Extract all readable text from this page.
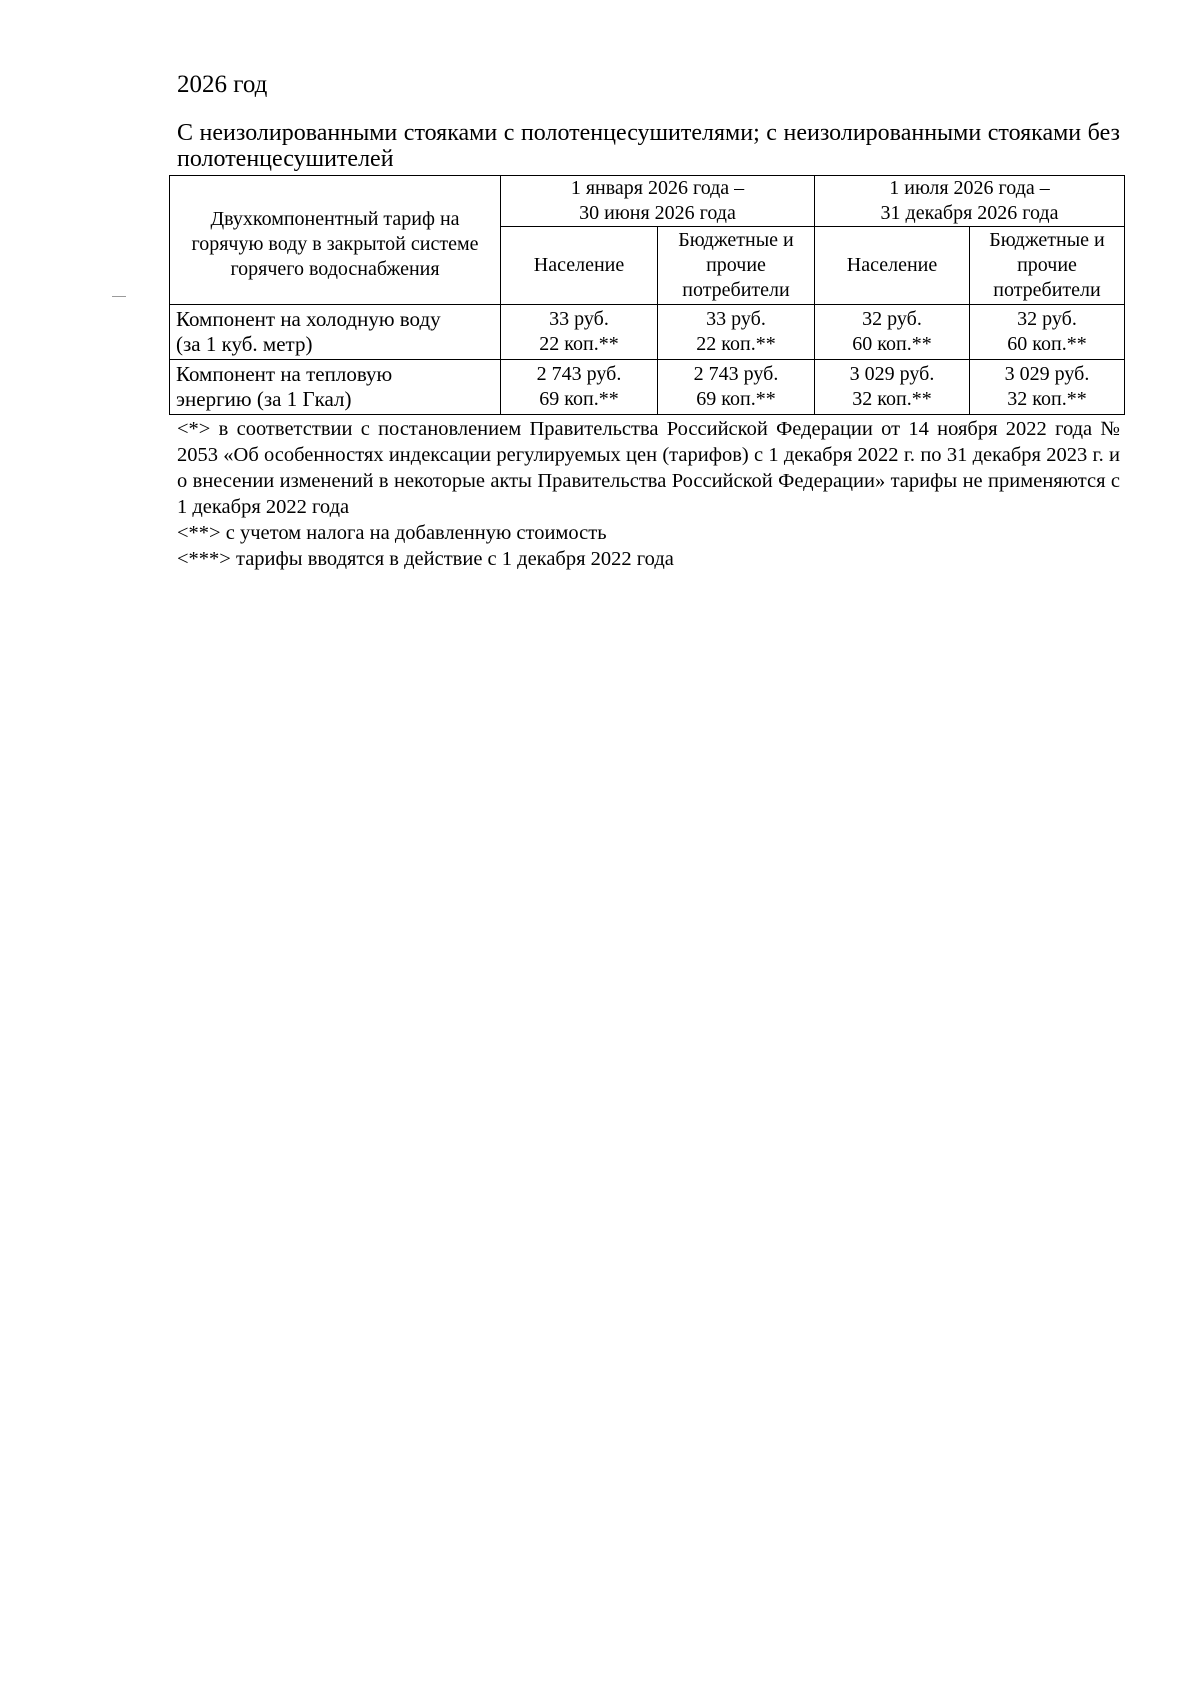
2026 год
С неизолированными стояками с полотенцесушителями; с неизолированными стояками без полотенцесушителей
Двухкомпонентный тариф на горячую воду в закрытой системе горячего водоснабжения	1 января 2026 года –
30 июня 2026 года		1 июля 2026 года –
31 декабря 2026 года	

	Население	Бюджетные и
прочие
потребители	Население	Бюджетные и
прочие
потребители

Компонент на холодную воду
(за 1 куб. метр)	33 руб.
22 коп.**	33 руб.
22 коп.**	32 руб.
60 коп.**	32 руб.
60 коп.**

Компонент на тепловую
энергию (за 1 Гкал)	2 743 руб.
69 коп.**	2 743 руб.
69 коп.**	3 029 руб.
32 коп.**	3 029 руб.
32 коп.**

<*> в соответствии с постановлением Правительства Российской Федерации от 14 ноября 2022 года № 2053 «Об особенностях индексации регулируемых цен (тарифов) с 1 декабря 2022 г. по 31 декабря 2023 г. и о внесении изменений в некоторые акты Правительства Российской Федерации» тарифы не применяются с 1 декабря 2022 года

<**> с учетом налога на добавленную стоимость

<***> тарифы вводятся в действие с 1 декабря 2022 года
